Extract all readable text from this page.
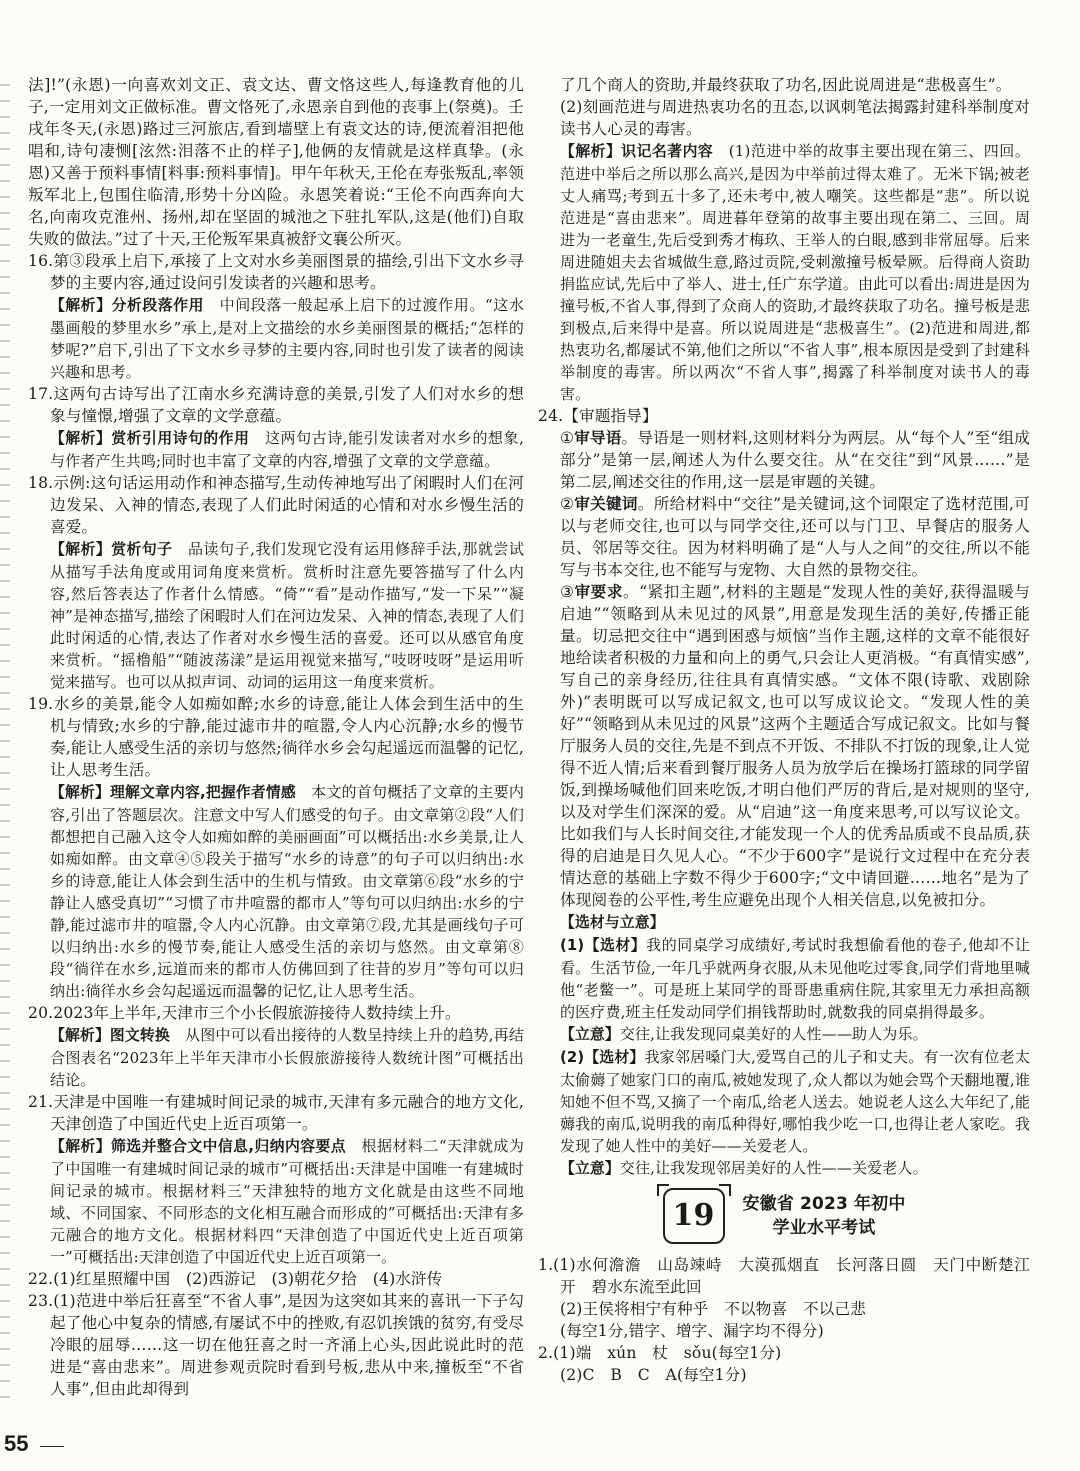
法]!”(永恩)一向喜欢刘文正、袁文达、曹文恪这些人,每逢教育他的儿子,一定用刘文正做标准。曹文恪死了,永恩亲自到他的丧事上(祭奠)。壬戌年冬天,(永恩)路过三河旅店,看到墙壁上有袁文达的诗,便流着泪把他唱和,诗句凄恻[泫然:泪落不止的样子],他俩的友情就是这样真挚。(永恩)又善于预料事情[料事:预料事情]。甲午年秋天,王伦在寿张叛乱,率领叛军北上,包围住临清,形势十分凶险。永恩笑着说:“王伦不向西奔向大名,向南攻克淮州、扬州,却在坚固的城池之下驻扎军队,这是(他们)自取失败的做法。”过了十天,王伦叛军果真被舒文襄公所灭。

16.第③段承上启下,承接了上文对水乡美丽图景的描绘,引出下文水乡寻梦的主要内容,通过设问引发读者的兴趣和思考。

【解析】分析段落作用　中间段落一般起承上启下的过渡作用。“这水墨画般的梦里水乡”承上,是对上文描绘的水乡美丽图景的概括;“怎样的梦呢?”启下,引出了下文水乡寻梦的主要内容,同时也引发了读者的阅读兴趣和思考。

17.这两句古诗写出了江南水乡充满诗意的美景,引发了人们对水乡的想象与憧憬,增强了文章的文学意蕴。

【解析】赏析引用诗句的作用　这两句古诗,能引发读者对水乡的想象,与作者产生共鸣;同时也丰富了文章的内容,增强了文章的文学意蕴。

18.示例:这句话运用动作和神态描写,生动传神地写出了闲暇时人们在河边发呆、入神的情态,表现了人们此时闲适的心情和对水乡慢生活的喜爱。

【解析】赏析句子　品读句子,我们发现它没有运用修辞手法,那就尝试从描写手法角度或用词角度来赏析。赏析时注意先要答描写了什么内容,然后答表达了作者什么情感。“倚”“看”是动作描写,“发一下呆”“凝神”是神态描写,描绘了闲暇时人们在河边发呆、入神的情态,表现了人们此时闲适的心情,表达了作者对水乡慢生活的喜爱。还可以从感官角度来赏析。“摇橹船”“随波荡漾”是运用视觉来描写,“吱呀吱呀”是运用听觉来描写。也可以从拟声词、动词的运用这一角度来赏析。

19.水乡的美景,能令人如痴如醉;水乡的诗意,能让人体会到生活中的生机与情致;水乡的宁静,能过滤市井的喧嚣,令人内心沉静;水乡的慢节奏,能让人感受生活的亲切与悠然;徜徉水乡会勾起遥远而温馨的记忆,让人思考生活。

【解析】理解文章内容,把握作者情感　本文的首句概括了文章的主要内容,引出了答题层次。注意文中写人们感受的句子。由文章第②段“人们都想把自己融入这令人如痴如醉的美丽画面”可以概括出:水乡美景,让人如痴如醉。由文章④⑤段关于描写“水乡的诗意”的句子可以归纳出:水乡的诗意,能让人体会到生活中的生机与情致。由文章第⑥段“水乡的宁静让人感受真切”“习惯了市井喧嚣的都市人”等句可以归纳出:水乡的宁静,能过滤市井的喧嚣,令人内心沉静。由文章第⑦段,尤其是画线句子可以归纳出:水乡的慢节奏,能让人感受生活的亲切与悠然。由文章第⑧段“徜徉在水乡,远道而来的都市人仿佛回到了往昔的岁月”等句可以归纳出:徜徉水乡会勾起遥远而温馨的记忆,让人思考生活。

20.2023年上半年,天津市三个小长假旅游接待人数持续上升。

【解析】图文转换　从图中可以看出接待的人数呈持续上升的趋势,再结合图表名“2023年上半年天津市小长假旅游接待人数统计图”可概括出结论。

21.天津是中国唯一有建城时间记录的城市,天津有多元融合的地方文化,天津创造了中国近代史上近百项第一。

【解析】筛选并整合文中信息,归纳内容要点　根据材料二“天津就成为了中国唯一有建城时间记录的城市”可概括出:天津是中国唯一有建城时间记录的城市。根据材料三“天津独特的地方文化就是由这些不同地域、不同国家、不同形态的文化相互融合而形成的”可概括出:天津有多元融合的地方文化。根据材料四“天津创造了中国近代史上近百项第一”可概括出:天津创造了中国近代史上近百项第一。

22.(1)红星照耀中国　(2)西游记　(3)朝花夕拾　(4)水浒传

23.(1)范进中举后狂喜至“不省人事”,是因为这突如其来的喜讯一下子勾起了他心中复杂的情感,有屡试不中的挫败,有忍饥挨饿的贫穷,有受尽冷眼的屈辱……这一切在他狂喜之时一齐涌上心头,因此说此时的范进是“喜由悲来”。周进参观贡院时看到号板,悲从中来,撞板至“不省人事”,但由此却得到

了几个商人的资助,并最终获取了功名,因此说周进是“悲极喜生”。

(2)刻画范进与周进热衷功名的丑态,以讽刺笔法揭露封建科举制度对读书人心灵的毒害。

【解析】识记名著内容　(1)范进中举的故事主要出现在第三、四回。范进中举后之所以那么高兴,是因为中举前过得太难了。无米下锅;被老丈人痛骂;考到五十多了,还未考中,被人嘲笑。这些都是“悲”。所以说范进是“喜由悲来”。周进暮年登第的故事主要出现在第二、三回。周进为一老童生,先后受到秀才梅玖、王举人的白眼,感到非常屈辱。后来周进随姐夫去省城做生意,路过贡院,受刺激撞号板晕厥。后得商人资助捐监应试,先后中了举人、进士,任广东学道。由此可以看出:周进是因为撞号板,不省人事,得到了众商人的资助,才最终获取了功名。撞号板是悲到极点,后来得中是喜。所以说周进是“悲极喜生”。(2)范进和周进,都热衷功名,都屡试不第,他们之所以“不省人事”,根本原因是受到了封建科举制度的毒害。所以两次“不省人事”,揭露了科举制度对读书人的毒害。

24.【审题指导】

①审导语。导语是一则材料,这则材料分为两层。从“每个人”至“组成部分”是第一层,阐述人为什么要交往。从“在交往”到“风景……”是第二层,阐述交往的作用,这一层是审题的关键。

②审关键词。所给材料中“交往”是关键词,这个词限定了选材范围,可以与老师交往,也可以与同学交往,还可以与门卫、早餐店的服务人员、邻居等交往。因为材料明确了是“人与人之间”的交往,所以不能写与书本交往,也不能写与宠物、大自然的景物交往。

③审要求。“紧扣主题”,材料的主题是“发现人性的美好,获得温暖与启迪”“领略到从未见过的风景”,用意是发现生活的美好,传播正能量。切忌把交往中“遇到困惑与烦恼”当作主题,这样的文章不能很好地给读者积极的力量和向上的勇气,只会让人更消极。“有真情实感”,写自己的亲身经历,往往具有真情实感。“文体不限(诗歌、戏剧除外)”表明既可以写成记叙文,也可以写成议论文。“发现人性的美好”“领略到从未见过的风景”这两个主题适合写成记叙文。比如与餐厅服务人员的交往,先是不到点不开饭、不排队不打饭的现象,让人觉得不近人情;后来看到餐厅服务人员为放学后在操场打篮球的同学留饭,到操场喊他们回来吃饭,才明白他们严厉的背后,是对规则的坚守,以及对学生们深深的爱。从“启迪”这一角度来思考,可以写议论文。比如我们与人长时间交往,才能发现一个人的优秀品质或不良品质,获得的启迪是日久见人心。“不少于600字”是说行文过程中在充分表情达意的基础上字数不得少于600字;“文中请回避……地名”是为了体现阅卷的公平性,考生应避免出现个人相关信息,以免被扣分。

【选材与立意】

(1)【选材】我的同桌学习成绩好,考试时我想偷看他的卷子,他却不让看。生活节俭,一年几乎就两身衣服,从未见他吃过零食,同学们背地里喊他“老鳖一”。可是班上某同学的哥哥患重病住院,其家里无力承担高额的医疗费,班主任发动同学们捐钱帮助时,就数我的同桌捐得最多。

【立意】交往,让我发现同桌美好的人性——助人为乐。

(2)【选材】我家邻居嗓门大,爱骂自己的儿子和丈夫。有一次有位老太太偷薅了她家门口的南瓜,被她发现了,众人都以为她会骂个天翻地覆,谁知她不但不骂,又摘了一个南瓜,给老人送去。她说老人这么大年纪了,能薅我的南瓜,说明我的南瓜种得好,哪怕我少吃一口,也得让老人家吃。我发现了她人性中的美好——关爱老人。

【立意】交往,让我发现邻居美好的人性——关爱老人。

19 安徽省 2023 年初中
学业水平考试

1.(1)水何澹澹　山岛竦峙　大漠孤烟直　长河落日圆　天门中断楚江开　碧水东流至此回

(2)王侯将相宁有种乎　不以物喜　不以己悲

(每空1分,错字、增字、漏字均不得分)

2.(1)端　xún　杖　sǒu(每空1分)

(2)C　B　C　A(每空1分)

55
